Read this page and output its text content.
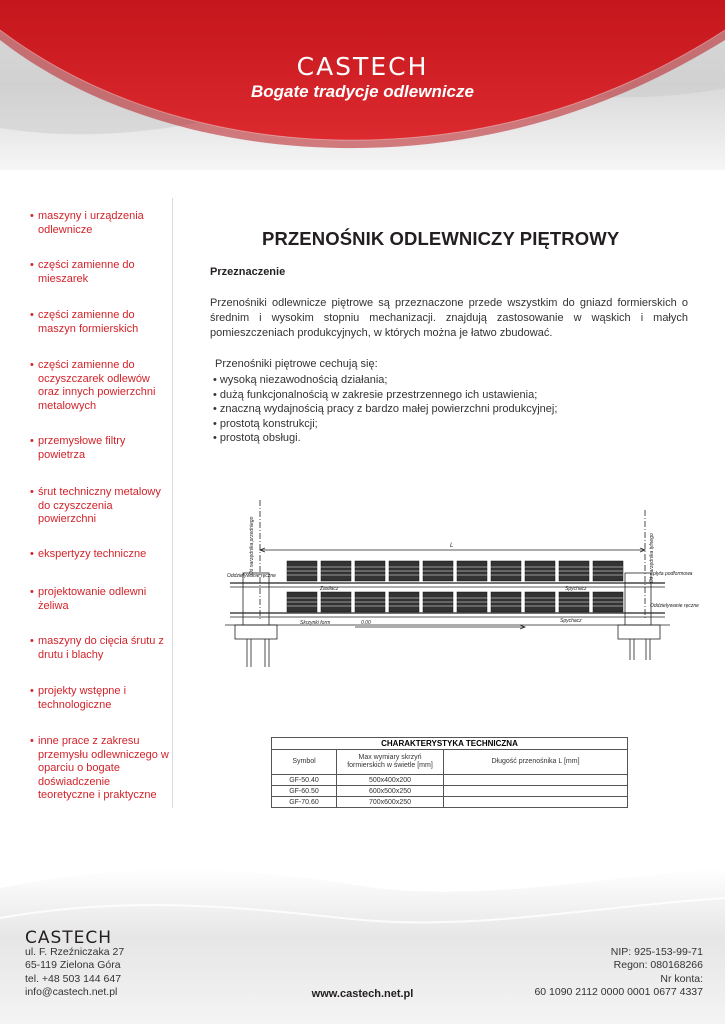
CASTECH
Bogate tradycje odlewnicze
• maszyny i urządzenia odlewnicze
• części zamienne do mieszarek
• części zamienne do maszyn formierskich
• części zamienne do oczyszczarek odlewów oraz innych powierzchni metalowych
• przemysłowe filtry powietrza
• śrut techniczny metalowy do czyszczenia powierzchni
• ekspertyzy techniczne
• projektowanie odlewni żeliwa
• maszyny do cięcia śrutu z drutu i blachy
• projekty wstępne i technologiczne
• inne prace z zakresu przemysłu odlewniczego w oparciu o bogate doświadczenie teoretyczne i praktyczne
PRZENOŚNIK ODLEWNICZY PIĘTROWY
Przeznaczenie
Przenośniki odlewnicze piętrowe są przeznaczone przede wszystkim do gniazd formierskich o średnim i wysokim stopniu mechanizacji. znajdują zastosowanie w wąskich i małych pomieszczeniach produkcyjnych, w których można je łatwo zbudować.
Przenośniki piętrowe cechują się:
• wysoką niezawodnością działania;
• dużą funkcjonalnością w zakresie przestrzennego ich ustawienia;
• znaczną wydajnością pracy z bardzo małej powierzchni produkcyjnej;
• prostotą konstrukcji;
• prostotą obsługi.
Oś narzędnika przedniego	Oś narzędnika tylnego
Oddzielywanie ręczne
Oddzielywanie ręczne
płyta podformowa
L
0.00
Skrzynki form	Spychacz
Spychacz
Zasilacz
CHARAKTERYSTYKA TECHNICZNA		
Symbol	Max wymiary skrzyń formierskich w świetle [mm]	Długość przenośnika L [mm]
GF-50.40	500x400x200	
GF-60.50	600x500x250	
GF-70.60	700x600x250	
CASTECH
ul. F. Rzeźniczaka 27
65-119 Zielona Góra
tel. +48 503 144 647
info@castech.net.pl	www.castech.net.pl
NIP: 925-153-99-71
Regon: 080168266
Nr konta:
60 1090 2112 0000 0001 0677 4337
